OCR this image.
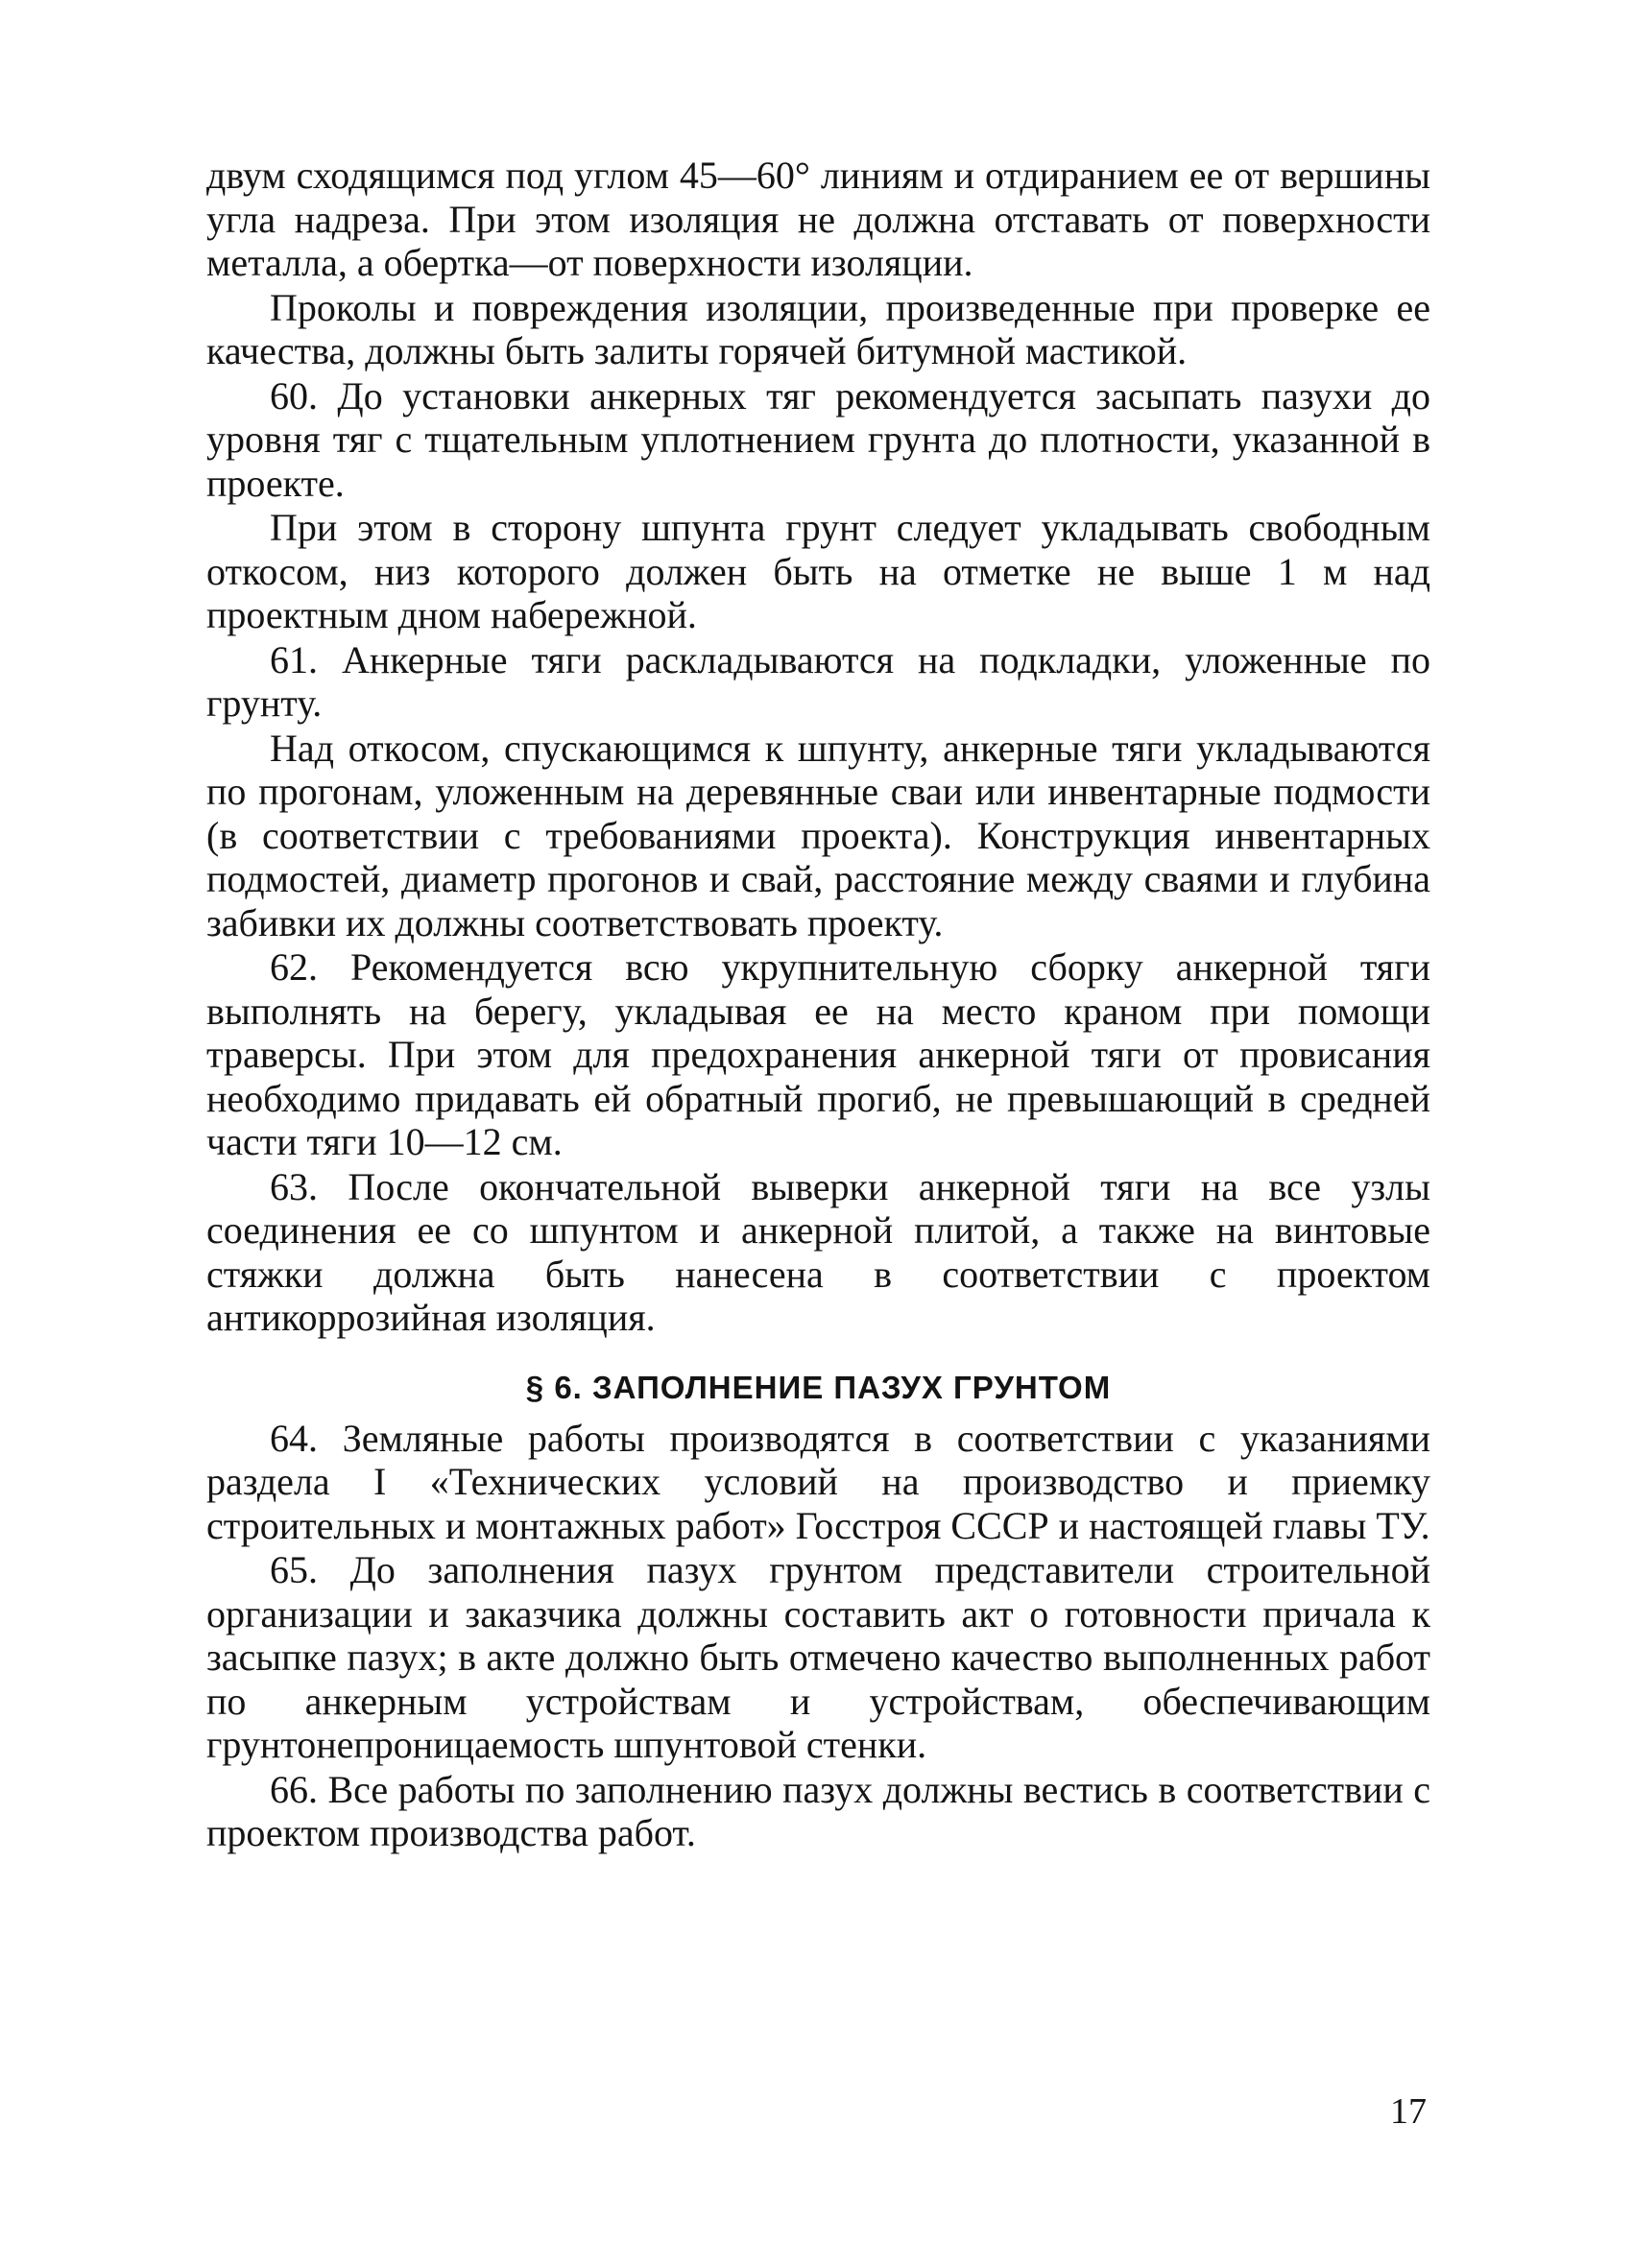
двум сходящимся под углом 45—60° линиям и отдиранием ее от вершины угла надреза. При этом изоляция не должна отставать от поверхности металла, а обертка—от поверхности изоляции.

Проколы и повреждения изоляции, произведенные при проверке ее качества, должны быть залиты горячей битумной мастикой.

60. До установки анкерных тяг рекомендуется засыпать пазухи до уровня тяг с тщательным уплотнением грунта до плотности, указанной в проекте.

При этом в сторону шпунта грунт следует укладывать свободным откосом, низ которого должен быть на отметке не выше 1 м над проектным дном набережной.

61. Анкерные тяги раскладываются на подкладки, уложенные по грунту.

Над откосом, спускающимся к шпунту, анкерные тяги укладываются по прогонам, уложенным на деревянные сваи или инвентарные подмости (в соответствии с требованиями проекта). Конструкция инвентарных подмостей, диаметр прогонов и свай, расстояние между сваями и глубина забивки их должны соответствовать проекту.

62. Рекомендуется всю укрупнительную сборку анкерной тяги выполнять на берегу, укладывая ее на место краном при помощи траверсы. При этом для предохранения анкерной тяги от провисания необходимо придавать ей обратный прогиб, не превышающий в средней части тяги 10—12 см.

63. После окончательной выверки анкерной тяги на все узлы соединения ее со шпунтом и анкерной плитой, а также на винтовые стяжки должна быть нанесена в соответствии с проектом антикоррозийная изоляция.

§ 6. ЗАПОЛНЕНИЕ ПАЗУХ ГРУНТОМ

64. Земляные работы производятся в соответствии с указаниями раздела I «Технических условий на производство и приемку строительных и монтажных работ» Госстроя СССР и настоящей главы ТУ.

65. До заполнения пазух грунтом представители строительной организации и заказчика должны составить акт о готовности причала к засыпке пазух; в акте должно быть отмечено качество выполненных работ по анкерным устройствам и устройствам, обеспечивающим грунтонепроницаемость шпунтовой стенки.

66. Все работы по заполнению пазух должны вестись в соответствии с проектом производства работ.

17
